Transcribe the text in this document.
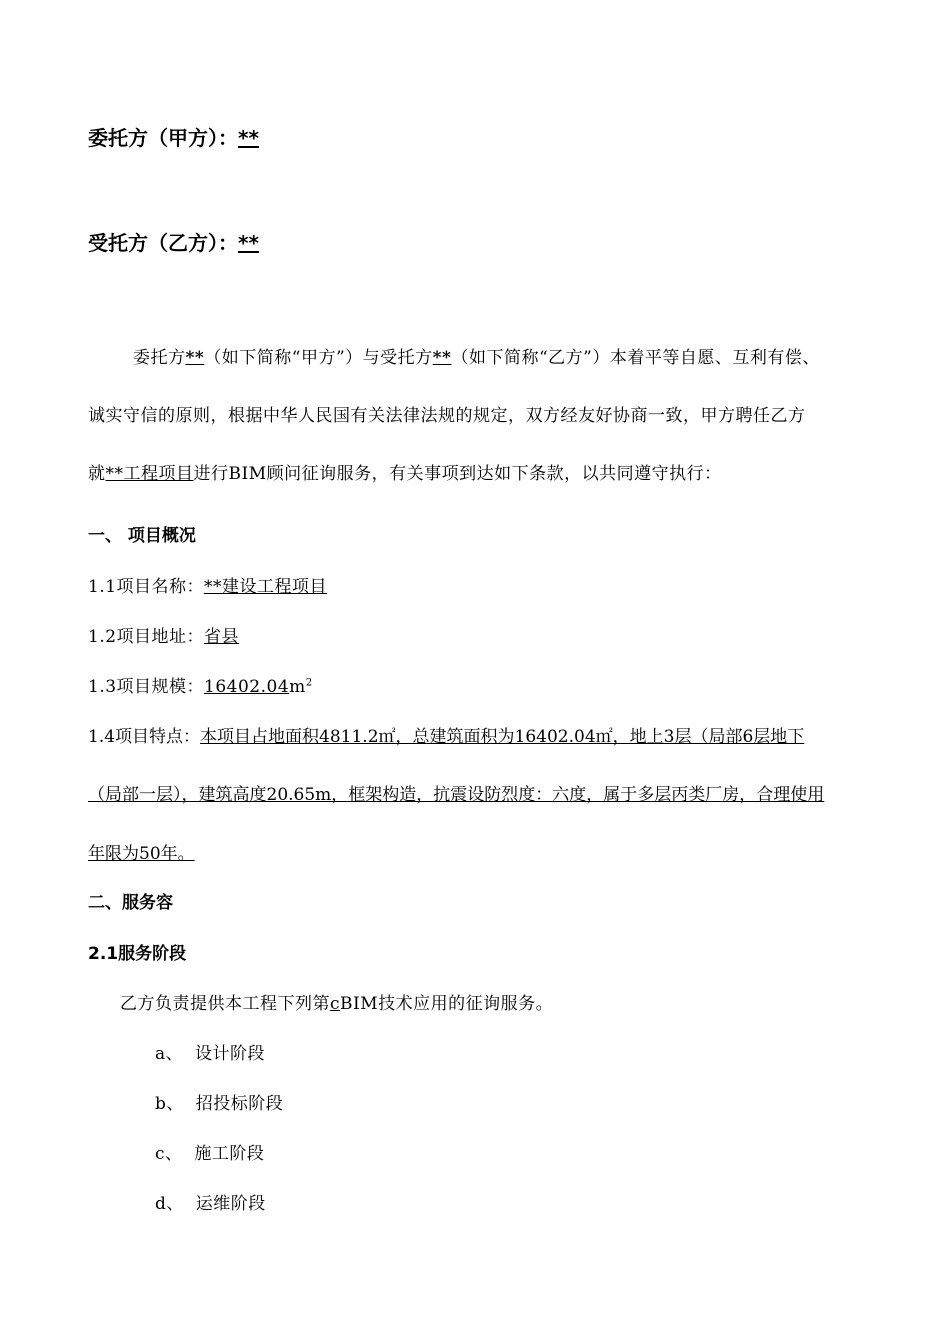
委托方（甲方）：**
受托方（乙方）：**
委托方**（如下简称“甲方”）与受托方**（如下简称“乙方”）本着平等自愿、互利有偿、
诚实守信的原则，根据中华人民国有关法律法规的规定，双方经友好协商一致，甲方聘任乙方
就**工程项目进行BIM顾问征询服务，有关事项到达如下条款，以共同遵守执行：
一、 项目概况
1.1项目名称：**建设工程项目
1.2项目地址：省县
1.3项目规模：$16402.04m^2$
1.4项目特点：本项目占地面积4811.2㎡，总建筑面积为16402.04㎡，地上3层（局部6层地下
（局部一层），建筑高度20.65m，框架构造，抗震设防烈度：六度，属于多层丙类厂房，合理使用
年限为50年。
二、服务容
2.1服务阶段
乙方负责提供本工程下列第cBIM技术应用的征询服务。
a、 设计阶段
b、 招投标阶段
c、 施工阶段
d、 运维阶段
